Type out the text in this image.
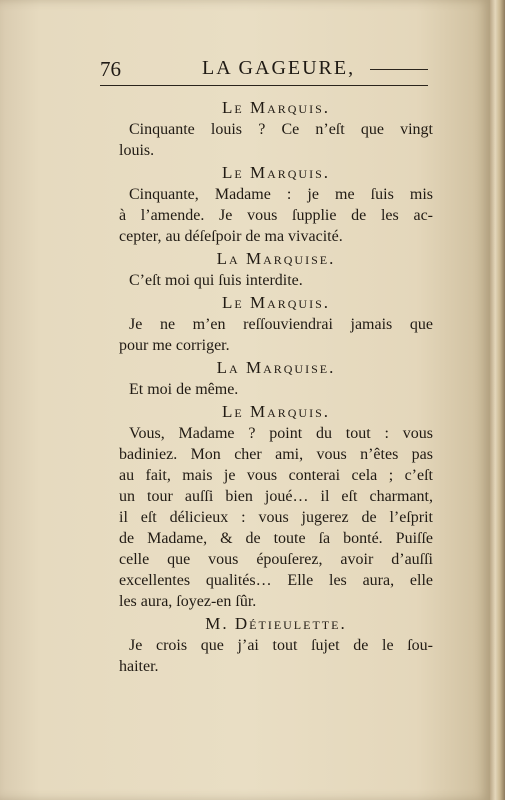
76	LA GAGEURE,
Le Marquis.
Cinquante louis ? Ce n’eſt que vingt
louis.
Le Marquis.
Cinquante, Madame : je me ſuis mis
à l’amende. Je vous ſupplie de les ac-
cepter, au déſeſpoir de ma vivacité.
La Marquise.
C’eſt moi qui ſuis interdite.
Le Marquis.
Je ne m’en reſſouviendrai jamais que
pour me corriger.
La Marquise.
Et moi de même.
Le Marquis.
Vous, Madame ? point du tout : vous
badiniez. Mon cher ami, vous n’êtes pas
au fait, mais je vous conterai cela ; c’eſt
un tour auſſi bien joué… il eſt charmant,
il eſt délicieux : vous jugerez de l’eſprit
de Madame, & de toute ſa bonté. Puiſſe
celle que vous épouſerez, avoir d’auſſi
excellentes qualités… Elle les aura, elle
les aura, ſoyez-en ſûr.
M. Détieulette.
Je crois que j’ai tout ſujet de le ſou-
haiter.
